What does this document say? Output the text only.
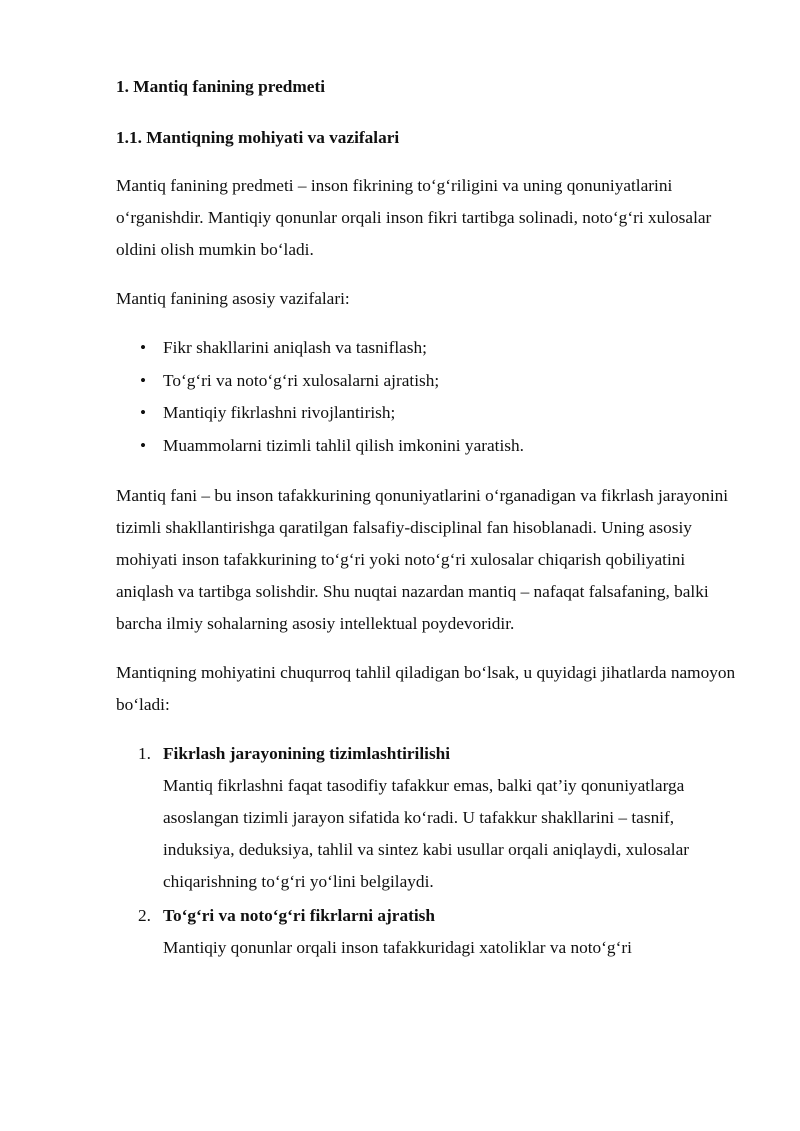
1. Mantiq fanining predmeti
1.1. Mantiqning mohiyati va vazifalari

Mantiq fanining predmeti – inson fikrining to‘g‘riligini va uning qonuniyatlarini o‘rganishdir. Mantiqiy qonunlar orqali inson fikri tartibga solinadi, noto‘g‘ri xulosalar oldini olish mumkin bo‘ladi.

Mantiq fanining asosiy vazifalari:

• Fikr shakllarini aniqlash va tasniflash;
• To‘g‘ri va noto‘g‘ri xulosalarni ajratish;
• Mantiqiy fikrlashni rivojlantirish;
• Muammolarni tizimli tahlil qilish imkonini yaratish.

Mantiq fani – bu inson tafakkurining qonuniyatlarini o‘rganadigan va fikrlash jarayonini tizimli shakllantirishga qaratilgan falsafiy-disciplinal fan hisoblanadi. Uning asosiy mohiyati inson tafakkurining to‘g‘ri yoki noto‘g‘ri xulosalar chiqarish qobiliyatini aniqlash va tartibga solishdir. Shu nuqtai nazardan mantiq – nafaqat falsafaning, balki barcha ilmiy sohalarning asosiy intellektual poydevoridir.

Mantiqning mohiyatini chuqurroq tahlil qiladigan bo‘lsak, u quyidagi jihatlarda namoyon bo‘ladi:

1. Fikrlash jarayonining tizimlashtirilishi
Mantiq fikrlashni faqat tasodifiy tafakkur emas, balki qat’iy qonuniyatlarga asoslangan tizimli jarayon sifatida ko‘radi. U tafakkur shakllarini – tasnif, induksiya, deduksiya, tahlil va sintez kabi usullar orqali aniqlaydi, xulosalar chiqarishning to‘g‘ri yo‘lini belgilaydi.
2. To‘g‘ri va noto‘g‘ri fikrlarni ajratish
Mantiqiy qonunlar orqali inson tafakkuridagi xatoliklar va noto‘g‘ri
